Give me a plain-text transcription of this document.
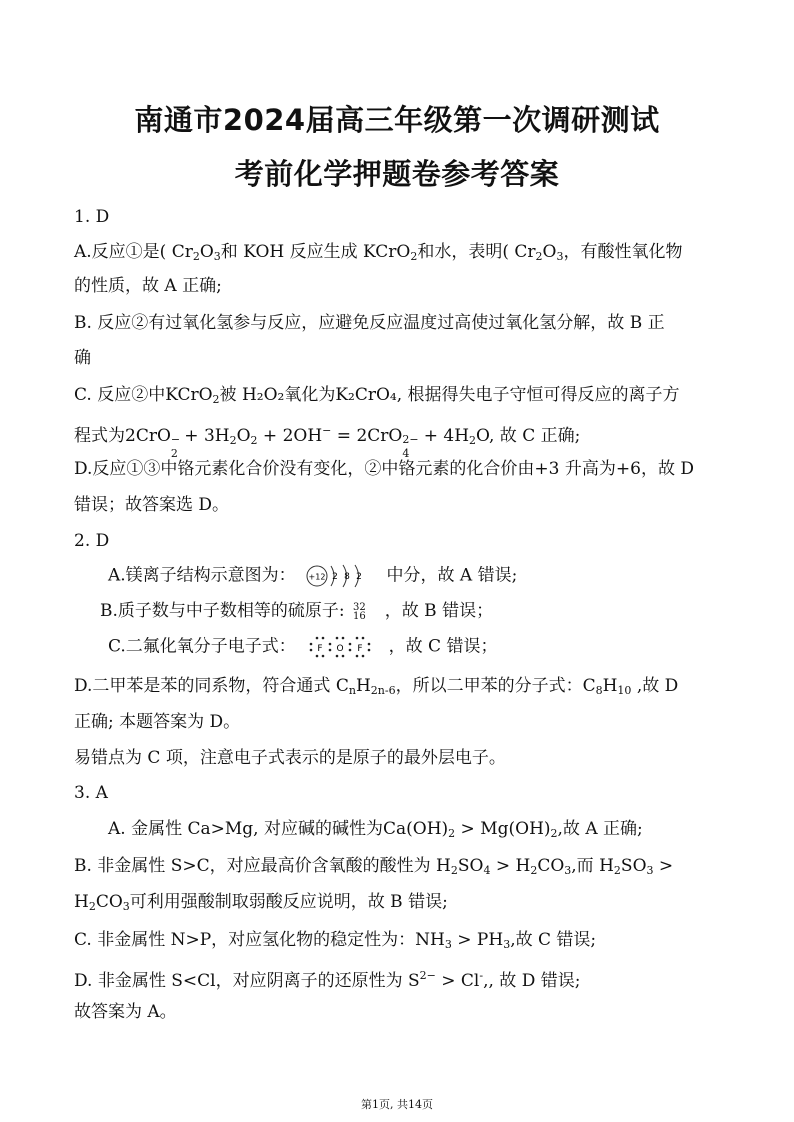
南通市2024届高三年级第一次调研测试
考前化学押题卷参考答案
1. D
A.反应①是( $Cr_2O_3$和 KOH 反应生成 KCrO$_2$和水，表明( $Cr_2O_3$，有酸性氧化物
的性质，故 A 正确;
B. 反应②有过氧化氢参与反应，应避免反应温度过高使过氧化氢分解，故 B 正
确
C. 反应②中KCrO$_2$被 H₂O₂氧化为K₂CrO₄, 根据得失电子守恒可得反应的离子方
程式为2CrO −
2
+ $3H_2O_2 + 2OH^- = 2CrO$ 2−
4
+ $4H_2O$, 故 C 正确;
D.反应①③中铬元素化合价没有变化，②中铬元素的化合价由+3 升高为+6，故 D
错误；故答案选 D。
2. D
A.镁离子结构示意图为： +12 2 8 2 中分，故 A 错误;
B.质子数与中子数相等的硫原子: 32
16 ，故 B 错误；
C.二氟化氧分子电子式： F O F ，故 C 错误；
D.二甲苯是苯的同系物，符合通式 $C_nH_{2n-6}$，所以二甲苯的分子式：$C_8H_{10}$ ,故 D
正确; 本题答案为 D。
易错点为 C 项，注意电子式表示的是原子的最外层电子。
3. A
A. 金属性 Ca>Mg, 对应碱的碱性为$Ca(OH)_2 > Mg(OH)_2$,故 A 正确;
B. 非金属性 S>C，对应最高价含氧酸的酸性为 $H_2SO_4 > H_2CO_3$,而 $H_2SO_3$ >
$H_2CO_3$可利用强酸制取弱酸反应说明，故 B 错误;
C. 非金属性 N>P，对应氢化物的稳定性为：$NH_3 > PH_3$,故 C 错误;
D. 非金属性 S<Cl，对应阴离子的还原性为 $S^{2-} > Cl^-$,, 故 D 错误;
故答案为 A。
第1页, 共14页
